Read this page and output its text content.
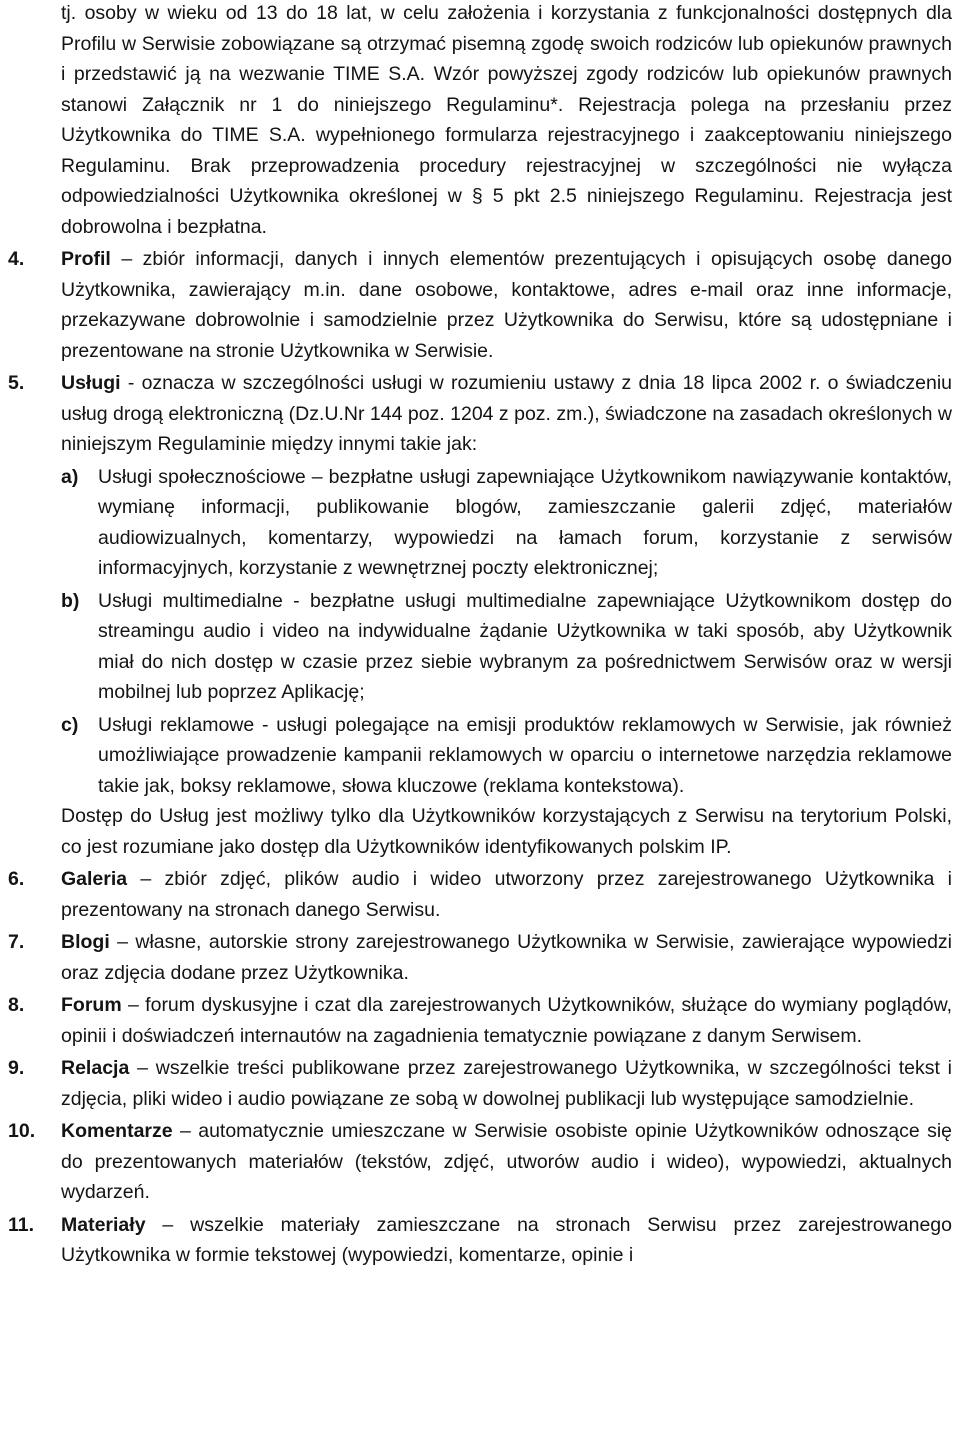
tj. osoby w wieku od 13 do 18 lat, w celu założenia i korzystania z funkcjonalności dostępnych dla Profilu w Serwisie zobowiązane są otrzymać pisemną zgodę swoich rodziców lub opiekunów prawnych i przedstawić ją na wezwanie TIME S.A. Wzór powyższej zgody rodziców lub opiekunów prawnych stanowi Załącznik nr 1 do niniejszego Regulaminu*. Rejestracja polega na przesłaniu przez Użytkownika do TIME S.A. wypełnionego formularza rejestracyjnego i zaakceptowaniu niniejszego Regulaminu. Brak przeprowadzenia procedury rejestracyjnej w szczególności nie wyłącza odpowiedzialności Użytkownika określonej w § 5 pkt 2.5 niniejszego Regulaminu. Rejestracja jest dobrowolna i bezpłatna.

4. Profil – zbiór informacji, danych i innych elementów prezentujących i opisujących osobę danego Użytkownika, zawierający m.in. dane osobowe, kontaktowe, adres e-mail oraz inne informacje, przekazywane dobrowolnie i samodzielnie przez Użytkownika do Serwisu, które są udostępniane i prezentowane na stronie Użytkownika w Serwisie.

5. Usługi - oznacza w szczególności usługi w rozumieniu ustawy z dnia 18 lipca 2002 r. o świadczeniu usług drogą elektroniczną (Dz.U.Nr 144 poz. 1204 z poz. zm.), świadczone na zasadach określonych w niniejszym Regulaminie między innymi takie jak:

a) Usługi społecznościowe – bezpłatne usługi zapewniające Użytkownikom nawiązywanie kontaktów, wymianę informacji, publikowanie blogów, zamieszczanie galerii zdjęć, materiałów audiowizualnych, komentarzy, wypowiedzi na łamach forum, korzystanie z serwisów informacyjnych, korzystanie z wewnętrznej poczty elektronicznej;

b) Usługi multimedialne - bezpłatne usługi multimedialne zapewniające Użytkownikom dostęp do streamingu audio i video na indywidualne żądanie Użytkownika w taki sposób, aby Użytkownik miał do nich dostęp w czasie przez siebie wybranym za pośrednictwem Serwisów oraz w wersji mobilnej lub poprzez Aplikację;

c) Usługi reklamowe - usługi polegające na emisji produktów reklamowych w Serwisie, jak również umożliwiające prowadzenie kampanii reklamowych w oparciu o internetowe narzędzia reklamowe takie jak, boksy reklamowe, słowa kluczowe (reklama kontekstowa).

Dostęp do Usług jest możliwy tylko dla Użytkowników korzystających z Serwisu na terytorium Polski, co jest rozumiane jako dostęp dla Użytkowników identyfikowanych polskim IP.

6. Galeria – zbiór zdjęć, plików audio i wideo utworzony przez zarejestrowanego Użytkownika i prezentowany na stronach danego Serwisu.

7. Blogi – własne, autorskie strony zarejestrowanego Użytkownika w Serwisie, zawierające wypowiedzi oraz zdjęcia dodane przez Użytkownika.

8. Forum – forum dyskusyjne i czat dla zarejestrowanych Użytkowników, służące do wymiany poglądów, opinii i doświadczeń internautów na zagadnienia tematycznie powiązane z danym Serwisem.

9. Relacja – wszelkie treści publikowane przez zarejestrowanego Użytkownika, w szczególności tekst i zdjęcia, pliki wideo i audio powiązane ze sobą w dowolnej publikacji lub występujące samodzielnie.

10. Komentarze – automatycznie umieszczane w Serwisie osobiste opinie Użytkowników odnoszące się do prezentowanych materiałów (tekstów, zdjęć, utworów audio i wideo), wypowiedzi, aktualnych wydarzeń.

11. Materiały – wszelkie materiały zamieszczane na stronach Serwisu przez zarejestrowanego Użytkownika w formie tekstowej (wypowiedzi, komentarze, opinie i
